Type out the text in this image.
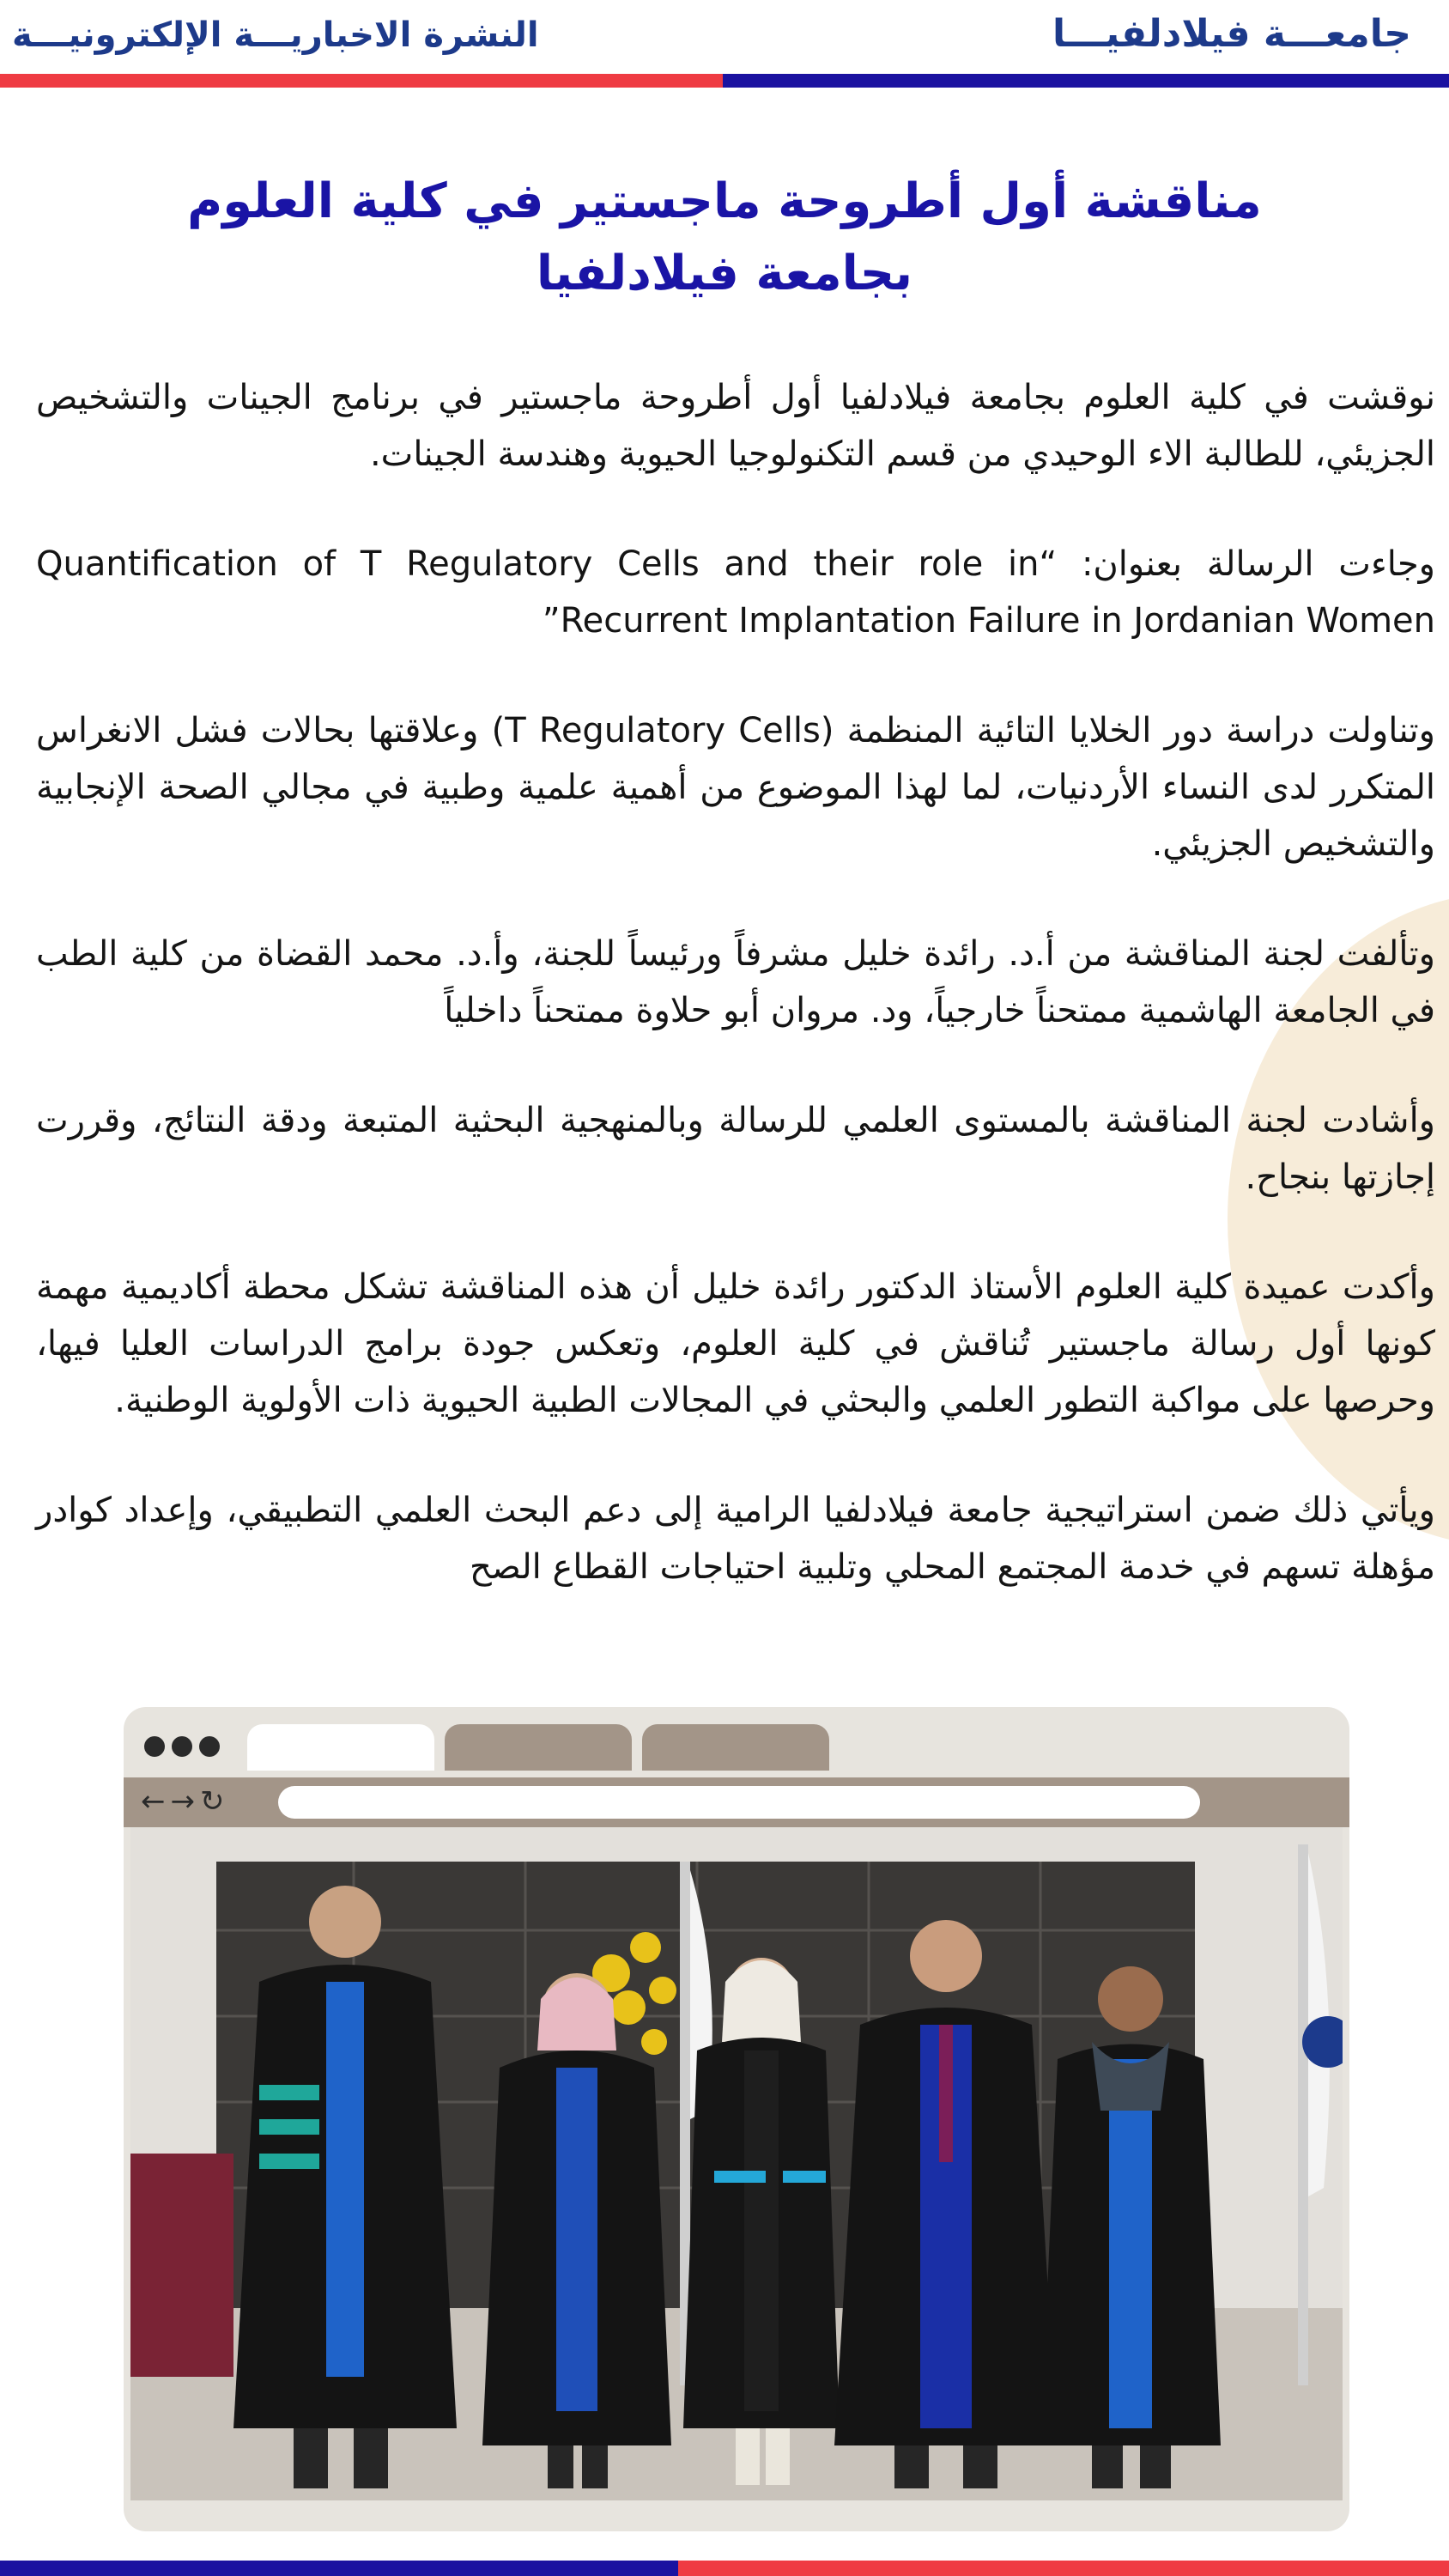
جامعـــة فيلادلفيـــا
النشرة الاخباريـــة الإلكترونيـــة
مناقشة أول أطروحة ماجستير في كلية العلوم بجامعة فيلادلفيا

نوقشت في كلية العلوم بجامعة فيلادلفيا أول أطروحة ماجستير في برنامج الجينات والتشخيص الجزيئي، للطالبة الاء الوحيدي من قسم التكنولوجيا الحيوية وهندسة الجينات.

وجاءت الرسالة بعنوان: “Quantification of T Regulatory Cells and their role in Recurrent Implantation Failure in Jordanian Women”

وتناولت دراسة دور الخلايا التائية المنظمة (T Regulatory Cells) وعلاقتها بحالات فشل الانغراس المتكرر لدى النساء الأردنيات، لما لهذا الموضوع من أهمية علمية وطبية في مجالي الصحة الإنجابية والتشخيص الجزيئي.

وتألفت لجنة المناقشة من أ.د. رائدة خليل مشرفاً ورئيساً للجنة، وأ.د. محمد القضاة من كلية الطب في الجامعة الهاشمية ممتحناً خارجياً، ود. مروان أبو حلاوة ممتحناً داخلياً

وأشادت لجنة المناقشة بالمستوى العلمي للرسالة وبالمنهجية البحثية المتبعة ودقة النتائج، وقررت إجازتها بنجاح.

وأكدت عميدة كلية العلوم الأستاذ الدكتور رائدة خليل أن هذه المناقشة تشكل محطة أكاديمية مهمة كونها أول رسالة ماجستير تُناقش في كلية العلوم، وتعكس جودة برامج الدراسات العليا فيها، وحرصها على مواكبة التطور العلمي والبحثي في المجالات الطبية الحيوية ذات الأولوية الوطنية.

ويأتي ذلك ضمن استراتيجية جامعة فيلادلفيا الرامية إلى دعم البحث العلمي التطبيقي، وإعداد كوادر مؤهلة تسهم في خدمة المجتمع المحلي وتلبية احتياجات القطاع الصح

← → ↻
